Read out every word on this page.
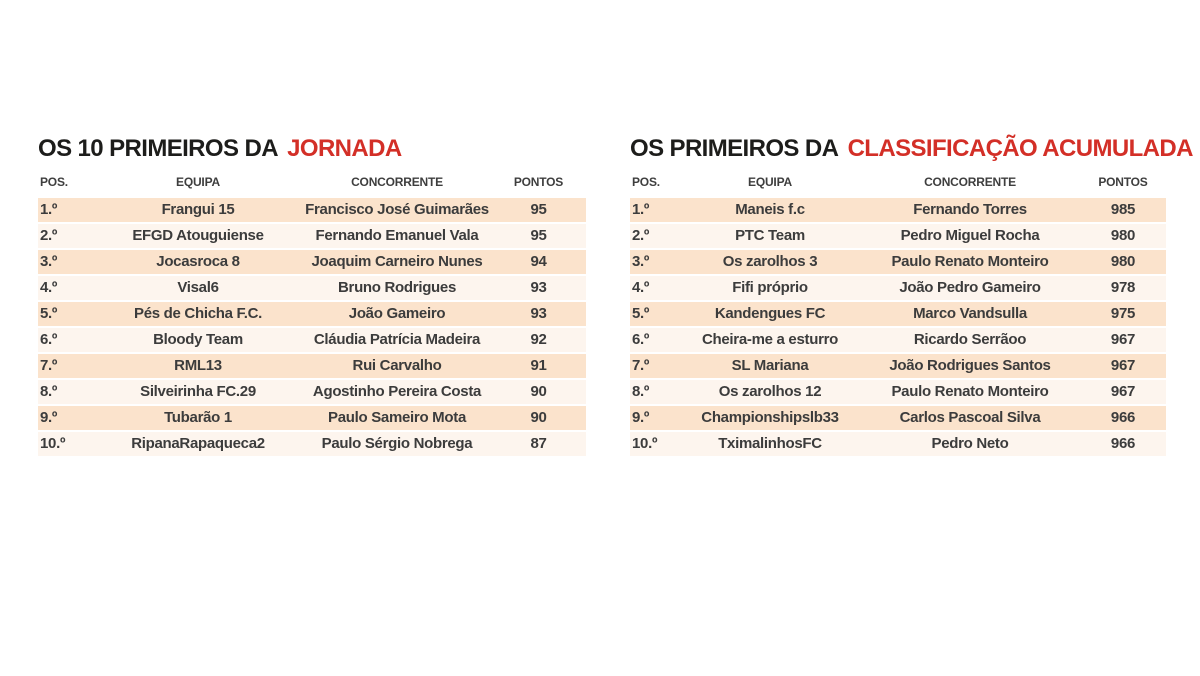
OS 10 PRIMEIROS DA JORNADA
POS.	EQUIPA	CONCORRENTE	PONTOS
1.º	Frangui 15	Francisco José Guimarães	95
2.º	EFGD Atouguiense	Fernando Emanuel Vala	95
3.º	Jocasroca 8	Joaquim Carneiro Nunes	94
4.º	Visal6	Bruno Rodrigues	93
5.º	Pés de Chicha F.C.	João Gameiro	93
6.º	Bloody Team	Cláudia Patrícia Madeira	92
7.º	RML13	Rui Carvalho	91
8.º	Silveirinha FC.29	Agostinho Pereira Costa	90
9.º	Tubarão 1	Paulo Sameiro Mota	90
10.º	RipanaRapaqueca2	Paulo Sérgio Nobrega	87
OS PRIMEIROS DA CLASSIFICAÇÃO ACUMULADA
POS.	EQUIPA	CONCORRENTE	PONTOS
1.º	Maneis f.c	Fernando Torres	985
2.º	PTC Team	Pedro Miguel Rocha	980
3.º	Os zarolhos 3	Paulo Renato Monteiro	980
4.º	Fifi próprio	João Pedro Gameiro	978
5.º	Kandengues FC	Marco Vandsulla	975
6.º	Cheira-me a esturro	Ricardo Serrãoo	967
7.º	SL Mariana	João Rodrigues Santos	967
8.º	Os zarolhos 12	Paulo Renato Monteiro	967
9.º	Championshipslb33	Carlos Pascoal Silva	966
10.º	TximalinhosFC	Pedro Neto	966
